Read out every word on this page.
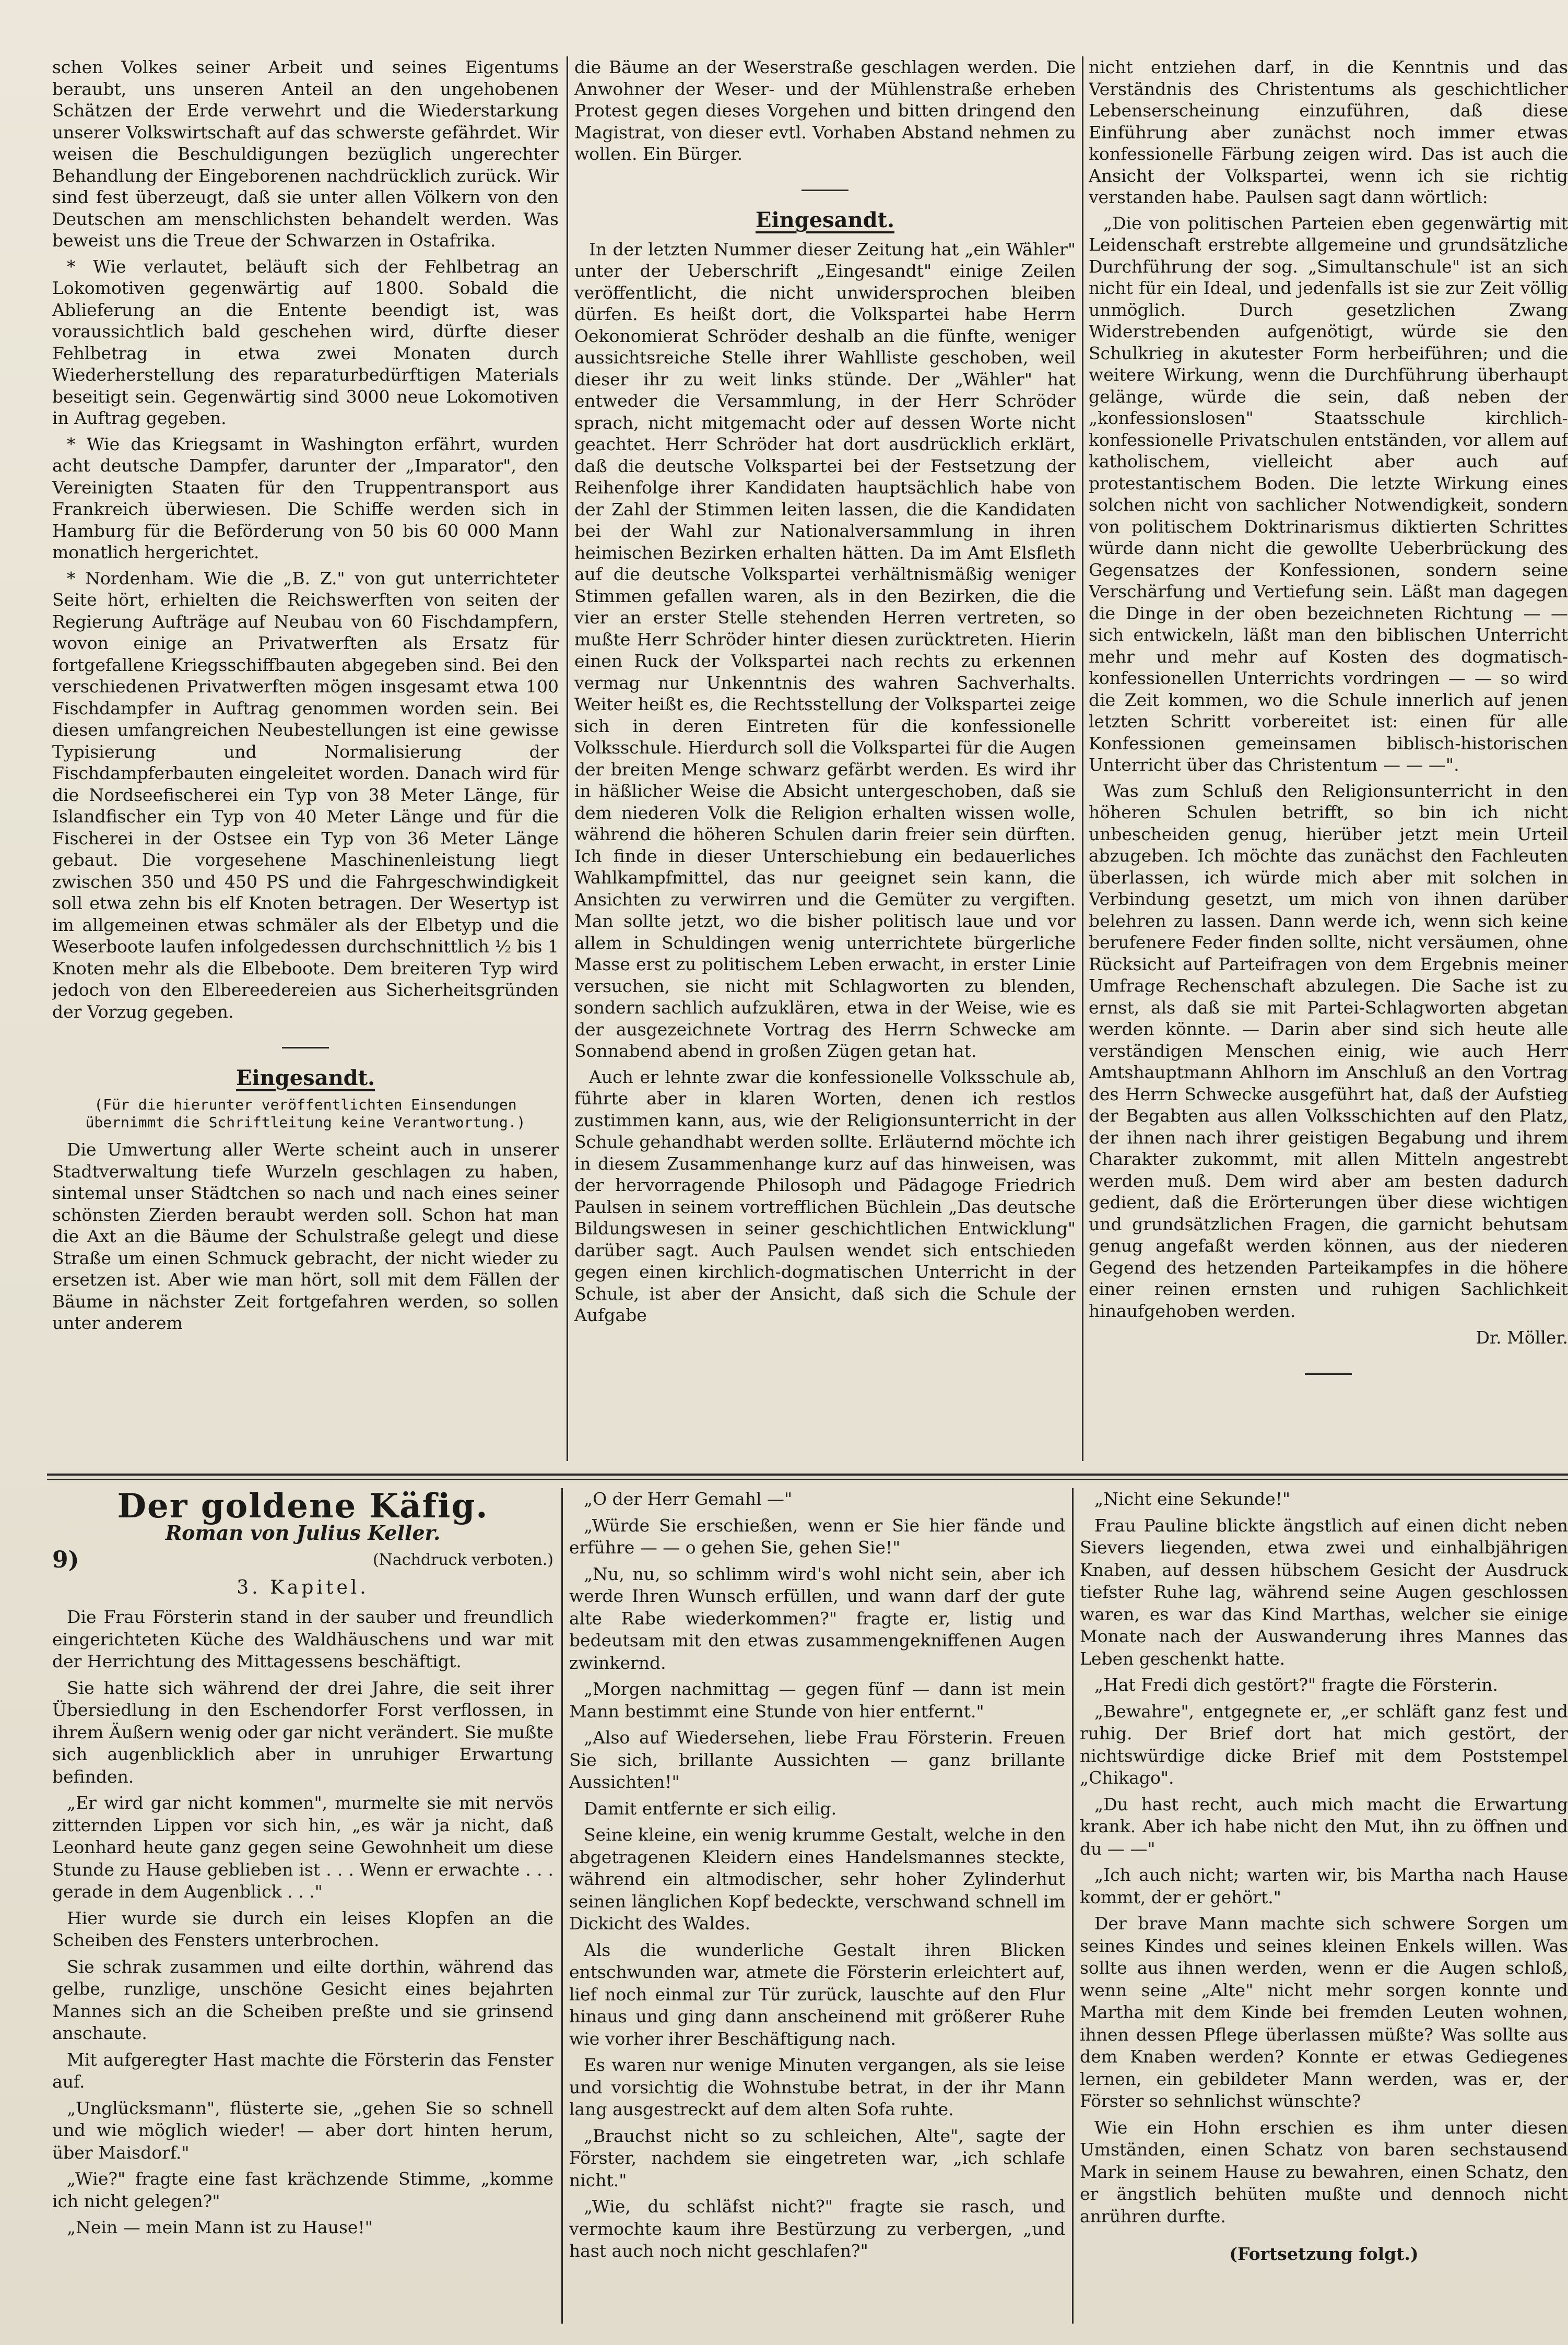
schen Volkes seiner Arbeit und seines Eigentums beraubt, uns unseren Anteil an den ungehobenen Schätzen der Erde verwehrt und die Wiederstarkung unserer Volkswirtschaft auf das schwerste gefährdet. Wir weisen die Beschuldigungen bezüglich ungerechter Behandlung der Eingeborenen nachdrücklich zurück. Wir sind fest überzeugt, daß sie unter allen Völkern von den Deutschen am menschlichsten behandelt werden. Was beweist uns die Treue der Schwarzen in Ostafrika.

* Wie verlautet, beläuft sich der Fehlbetrag an Lokomotiven gegenwärtig auf 1800. Sobald die Ablieferung an die Entente beendigt ist, was voraussichtlich bald geschehen wird, dürfte dieser Fehlbetrag in etwa zwei Monaten durch Wiederherstellung des reparaturbedürftigen Materials beseitigt sein. Gegenwärtig sind 3000 neue Lokomotiven in Auftrag gegeben.

* Wie das Kriegsamt in Washington erfährt, wurden acht deutsche Dampfer, darunter der „Imparator", den Vereinigten Staaten für den Truppentransport aus Frankreich überwiesen. Die Schiffe werden sich in Hamburg für die Beförderung von 50 bis 60 000 Mann monatlich hergerichtet.

* Nordenham. Wie die „B. Z." von gut unterrichteter Seite hört, erhielten die Reichswerften von seiten der Regierung Aufträge auf Neubau von 60 Fischdampfern, wovon einige an Privatwerften als Ersatz für fortgefallene Kriegsschiffbauten abgegeben sind. Bei den verschiedenen Privatwerften mögen insgesamt etwa 100 Fischdampfer in Auftrag genommen worden sein. Bei diesen umfangreichen Neubestellungen ist eine gewisse Typisierung und Normalisierung der Fischdampferbauten eingeleitet worden. Danach wird für die Nordseefischerei ein Typ von 38 Meter Länge, für Islandfischer ein Typ von 40 Meter Länge und für die Fischerei in der Ostsee ein Typ von 36 Meter Länge gebaut. Die vorgesehene Maschinenleistung liegt zwischen 350 und 450 PS und die Fahrgeschwindigkeit soll etwa zehn bis elf Knoten betragen. Der Wesertyp ist im allgemeinen etwas schmäler als der Elbetyp und die Weserboote laufen infolgedessen durchschnittlich ½ bis 1 Knoten mehr als die Elbeboote. Dem breiteren Typ wird jedoch von den Elbereedereien aus Sicherheitsgründen der Vorzug gegeben.

Eingesandt.
(Für die hierunter veröffentlichten Einsendungen übernimmt die Schriftleitung keine Verantwortung.)

Die Umwertung aller Werte scheint auch in unserer Stadtverwaltung tiefe Wurzeln geschlagen zu haben, sintemal unser Städtchen so nach und nach eines seiner schönsten Zierden beraubt werden soll. Schon hat man die Axt an die Bäume der Schulstraße gelegt und diese Straße um einen Schmuck gebracht, der nicht wieder zu ersetzen ist. Aber wie man hört, soll mit dem Fällen der Bäume in nächster Zeit fortgefahren werden, so sollen unter anderem

die Bäume an der Weserstraße geschlagen werden. Die Anwohner der Weser- und der Mühlenstraße erheben Protest gegen dieses Vorgehen und bitten dringend den Magistrat, von dieser evtl. Vorhaben Abstand nehmen zu wollen. Ein Bürger.

Eingesandt.

In der letzten Nummer dieser Zeitung hat „ein Wähler" unter der Ueberschrift „Eingesandt" einige Zeilen veröffentlicht, die nicht unwidersprochen bleiben dürfen. Es heißt dort, die Volkspartei habe Herrn Oekonomierat Schröder deshalb an die fünfte, weniger aussichtsreiche Stelle ihrer Wahlliste geschoben, weil dieser ihr zu weit links stünde. Der „Wähler" hat entweder die Versammlung, in der Herr Schröder sprach, nicht mitgemacht oder auf dessen Worte nicht geachtet. Herr Schröder hat dort ausdrücklich erklärt, daß die deutsche Volkspartei bei der Festsetzung der Reihenfolge ihrer Kandidaten hauptsächlich habe von der Zahl der Stimmen leiten lassen, die die Kandidaten bei der Wahl zur Nationalversammlung in ihren heimischen Bezirken erhalten hätten. Da im Amt Elsfleth auf die deutsche Volkspartei verhältnismäßig weniger Stimmen gefallen waren, als in den Bezirken, die die vier an erster Stelle stehenden Herren vertreten, so mußte Herr Schröder hinter diesen zurücktreten. Hierin einen Ruck der Volkspartei nach rechts zu erkennen vermag nur Unkenntnis des wahren Sachverhalts. Weiter heißt es, die Rechtsstellung der Volkspartei zeige sich in deren Eintreten für die konfessionelle Volksschule. Hierdurch soll die Volkspartei für die Augen der breiten Menge schwarz gefärbt werden. Es wird ihr in häßlicher Weise die Absicht untergeschoben, daß sie dem niederen Volk die Religion erhalten wissen wolle, während die höheren Schulen darin freier sein dürften. Ich finde in dieser Unterschiebung ein bedauerliches Wahlkampfmittel, das nur geeignet sein kann, die Ansichten zu verwirren und die Gemüter zu vergiften. Man sollte jetzt, wo die bisher politisch laue und vor allem in Schuldingen wenig unterrichtete bürgerliche Masse erst zu politischem Leben erwacht, in erster Linie versuchen, sie nicht mit Schlagworten zu blenden, sondern sachlich aufzuklären, etwa in der Weise, wie es der ausgezeichnete Vortrag des Herrn Schwecke am Sonnabend abend in großen Zügen getan hat.

Auch er lehnte zwar die konfessionelle Volksschule ab, führte aber in klaren Worten, denen ich restlos zustimmen kann, aus, wie der Religionsunterricht in der Schule gehandhabt werden sollte. Erläuternd möchte ich in diesem Zusammenhange kurz auf das hinweisen, was der hervorragende Philosoph und Pädagoge Friedrich Paulsen in seinem vortrefflichen Büchlein „Das deutsche Bildungswesen in seiner geschichtlichen Entwicklung" darüber sagt. Auch Paulsen wendet sich entschieden gegen einen kirchlich-dogmatischen Unterricht in der Schule, ist aber der Ansicht, daß sich die Schule der Aufgabe

nicht entziehen darf, in die Kenntnis und das Verständnis des Christentums als geschichtlicher Lebenserscheinung einzuführen, daß diese Einführung aber zunächst noch immer etwas konfessionelle Färbung zeigen wird. Das ist auch die Ansicht der Volkspartei, wenn ich sie richtig verstanden habe. Paulsen sagt dann wörtlich:

„Die von politischen Parteien eben gegenwärtig mit Leidenschaft erstrebte allgemeine und grundsätzliche Durchführung der sog. „Simultanschule" ist an sich nicht für ein Ideal, und jedenfalls ist sie zur Zeit völlig unmöglich. Durch gesetzlichen Zwang Widerstrebenden aufgenötigt, würde sie den Schulkrieg in akutester Form herbeiführen; und die weitere Wirkung, wenn die Durchführung überhaupt gelänge, würde die sein, daß neben der „konfessionslosen" Staatsschule kirchlich-konfessionelle Privatschulen entständen, vor allem auf katholischem, vielleicht aber auch auf protestantischem Boden. Die letzte Wirkung eines solchen nicht von sachlicher Notwendigkeit, sondern von politischem Doktrinarismus diktierten Schrittes würde dann nicht die gewollte Ueberbrückung des Gegensatzes der Konfessionen, sondern seine Verschärfung und Vertiefung sein. Läßt man dagegen die Dinge in der oben bezeichneten Richtung — — sich entwickeln, läßt man den biblischen Unterricht mehr und mehr auf Kosten des dogmatisch-konfessionellen Unterrichts vordringen — — so wird die Zeit kommen, wo die Schule innerlich auf jenen letzten Schritt vorbereitet ist: einen für alle Konfessionen gemeinsamen biblisch-historischen Unterricht über das Christentum — — —".

Was zum Schluß den Religionsunterricht in den höheren Schulen betrifft, so bin ich nicht unbescheiden genug, hierüber jetzt mein Urteil abzugeben. Ich möchte das zunächst den Fachleuten überlassen, ich würde mich aber mit solchen in Verbindung gesetzt, um mich von ihnen darüber belehren zu lassen. Dann werde ich, wenn sich keine berufenere Feder finden sollte, nicht versäumen, ohne Rücksicht auf Parteifragen von dem Ergebnis meiner Umfrage Rechenschaft abzulegen. Die Sache ist zu ernst, als daß sie mit Partei-Schlagworten abgetan werden könnte. — Darin aber sind sich heute alle verständigen Menschen einig, wie auch Herr Amtshauptmann Ahlhorn im Anschluß an den Vortrag des Herrn Schwecke ausgeführt hat, daß der Aufstieg der Begabten aus allen Volksschichten auf den Platz, der ihnen nach ihrer geistigen Begabung und ihrem Charakter zukommt, mit allen Mitteln angestrebt werden muß. Dem wird aber am besten dadurch gedient, daß die Erörterungen über diese wichtigen und grundsätzlichen Fragen, die garnicht behutsam genug angefaßt werden können, aus der niederen Gegend des hetzenden Parteikampfes in die höhere einer reinen ernsten und ruhigen Sachlichkeit hinaufgehoben werden.

Dr. Möller.
Der goldene Käfig.
Roman von Julius Keller.
9)	(Nachdruck verboten.)
3. Kapitel.

Die Frau Försterin stand in der sauber und freundlich eingerichteten Küche des Waldhäuschens und war mit der Herrichtung des Mittagessens beschäftigt.

Sie hatte sich während der drei Jahre, die seit ihrer Übersiedlung in den Eschendorfer Forst verflossen, in ihrem Äußern wenig oder gar nicht verändert. Sie mußte sich augenblicklich aber in unruhiger Erwartung befinden.

„Er wird gar nicht kommen", murmelte sie mit nervös zitternden Lippen vor sich hin, „es wär ja nicht, daß Leonhard heute ganz gegen seine Gewohnheit um diese Stunde zu Hause geblieben ist . . . Wenn er erwachte . . . gerade in dem Augenblick . . ."

Hier wurde sie durch ein leises Klopfen an die Scheiben des Fensters unterbrochen.

Sie schrak zusammen und eilte dorthin, während das gelbe, runzlige, unschöne Gesicht eines bejahrten Mannes sich an die Scheiben preßte und sie grinsend anschaute.

Mit aufgeregter Hast machte die Försterin das Fenster auf.

„Unglücksmann", flüsterte sie, „gehen Sie so schnell und wie möglich wieder! — aber dort hinten herum, über Maisdorf."

„Wie?" fragte eine fast krächzende Stimme, „komme ich nicht gelegen?"

„Nein — mein Mann ist zu Hause!"

„O der Herr Gemahl —"

„Würde Sie erschießen, wenn er Sie hier fände und erführe — — o gehen Sie, gehen Sie!"

„Nu, nu, so schlimm wird's wohl nicht sein, aber ich werde Ihren Wunsch erfüllen, und wann darf der gute alte Rabe wiederkommen?" fragte er, listig und bedeutsam mit den etwas zusammengekniffenen Augen zwinkernd.

„Morgen nachmittag — gegen fünf — dann ist mein Mann bestimmt eine Stunde von hier entfernt."

„Also auf Wiedersehen, liebe Frau Försterin. Freuen Sie sich, brillante Aussichten — ganz brillante Aussichten!"

Damit entfernte er sich eilig.

Seine kleine, ein wenig krumme Gestalt, welche in den abgetragenen Kleidern eines Handelsmannes steckte, während ein altmodischer, sehr hoher Zylinderhut seinen länglichen Kopf bedeckte, verschwand schnell im Dickicht des Waldes.

Als die wunderliche Gestalt ihren Blicken entschwunden war, atmete die Försterin erleichtert auf, lief noch einmal zur Tür zurück, lauschte auf den Flur hinaus und ging dann anscheinend mit größerer Ruhe wie vorher ihrer Beschäftigung nach.

Es waren nur wenige Minuten vergangen, als sie leise und vorsichtig die Wohnstube betrat, in der ihr Mann lang ausgestreckt auf dem alten Sofa ruhte.

„Brauchst nicht so zu schleichen, Alte", sagte der Förster, nachdem sie eingetreten war, „ich schlafe nicht."

„Wie, du schläfst nicht?" fragte sie rasch, und vermochte kaum ihre Bestürzung zu verbergen, „und hast auch noch nicht geschlafen?"

„Nicht eine Sekunde!"

Frau Pauline blickte ängstlich auf einen dicht neben Sievers liegenden, etwa zwei und einhalbjährigen Knaben, auf dessen hübschem Gesicht der Ausdruck tiefster Ruhe lag, während seine Augen geschlossen waren, es war das Kind Marthas, welcher sie einige Monate nach der Auswanderung ihres Mannes das Leben geschenkt hatte.

„Hat Fredi dich gestört?" fragte die Försterin.

„Bewahre", entgegnete er, „er schläft ganz fest und ruhig. Der Brief dort hat mich gestört, der nichtswürdige dicke Brief mit dem Poststempel „Chikago".

„Du hast recht, auch mich macht die Erwartung krank. Aber ich habe nicht den Mut, ihn zu öffnen und du — —"

„Ich auch nicht; warten wir, bis Martha nach Hause kommt, der er gehört."

Der brave Mann machte sich schwere Sorgen um seines Kindes und seines kleinen Enkels willen. Was sollte aus ihnen werden, wenn er die Augen schloß, wenn seine „Alte" nicht mehr sorgen konnte und Martha mit dem Kinde bei fremden Leuten wohnen, ihnen dessen Pflege überlassen müßte? Was sollte aus dem Knaben werden? Konnte er etwas Gediegenes lernen, ein gebildeter Mann werden, was er, der Förster so sehnlichst wünschte?

Wie ein Hohn erschien es ihm unter diesen Umständen, einen Schatz von baren sechstausend Mark in seinem Hause zu bewahren, einen Schatz, den er ängstlich behüten mußte und dennoch nicht anrühren durfte.

(Fortsetzung folgt.)
